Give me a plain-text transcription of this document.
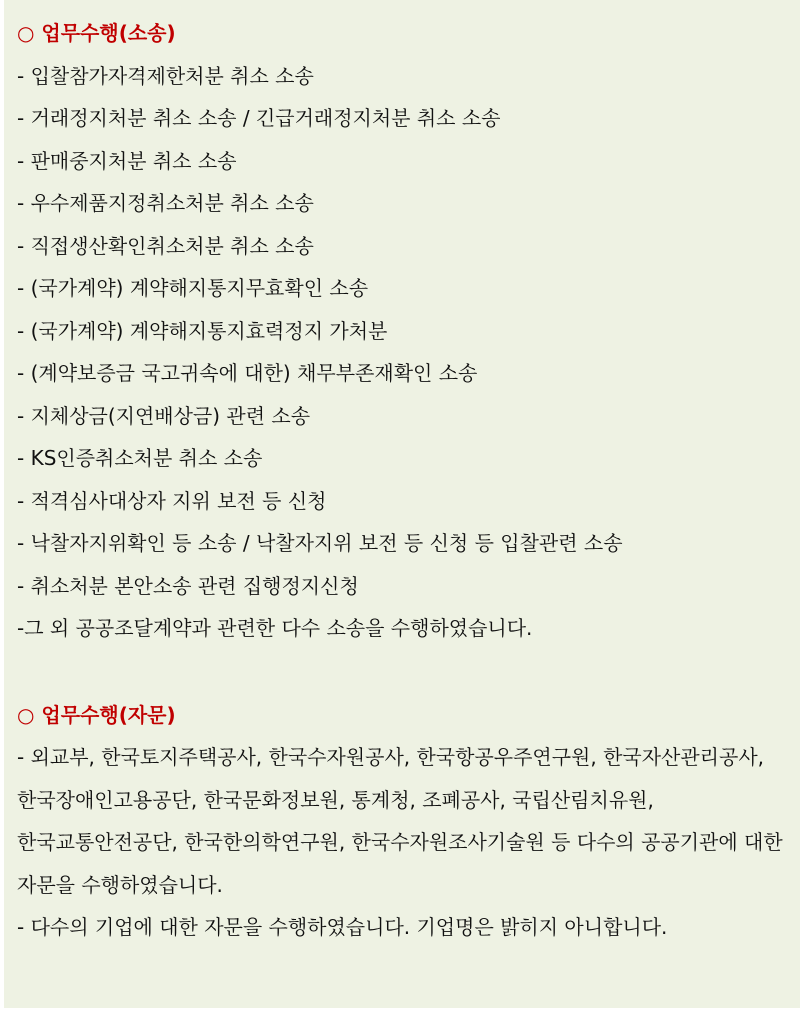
○ 업무수행(소송)
- 입찰참가자격제한처분 취소 소송
- 거래정지처분 취소 소송 / 긴급거래정지처분 취소 소송
- 판매중지처분 취소 소송
- 우수제품지정취소처분 취소 소송
- 직접생산확인취소처분 취소 소송
- (국가계약) 계약해지통지무효확인 소송
- (국가계약) 계약해지통지효력정지 가처분
- (계약보증금 국고귀속에 대한) 채무부존재확인 소송
- 지체상금(지연배상금) 관련 소송
- KS인증취소처분 취소 소송
- 적격심사대상자 지위 보전 등 신청
- 낙찰자지위확인 등 소송 / 낙찰자지위 보전 등 신청 등 입찰관련 소송
- 취소처분 본안소송 관련 집행정지신청
-그 외 공공조달계약과 관련한 다수 소송을 수행하였습니다.
○ 업무수행(자문)
- 외교부, 한국토지주택공사, 한국수자원공사, 한국항공우주연구원, 한국자산관리공사, 한국장애인고용공단, 한국문화정보원, 통계청, 조폐공사, 국립산림치유원, 한국교통안전공단, 한국한의학연구원, 한국수자원조사기술원 등 다수의 공공기관에 대한 자문을 수행하였습니다.
- 다수의 기업에 대한 자문을 수행하였습니다. 기업명은 밝히지 아니합니다.
